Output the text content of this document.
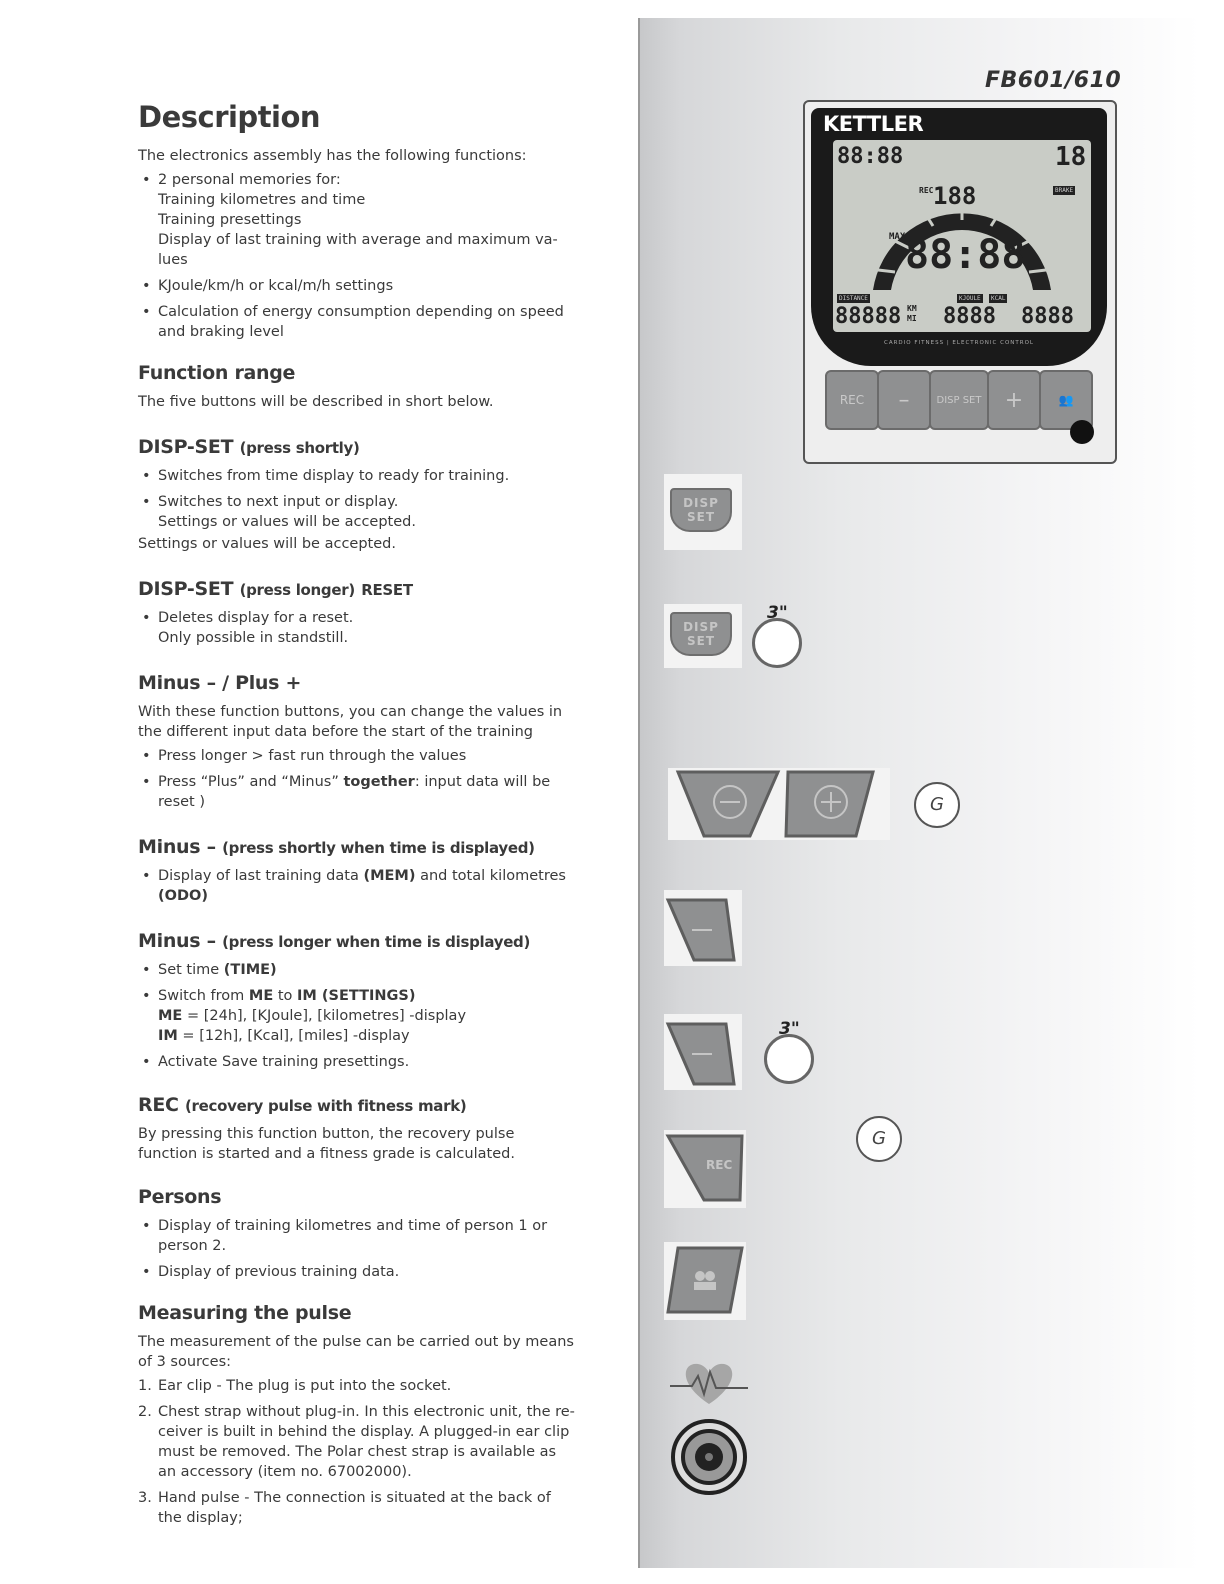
FB601/610
Description

The electronics assembly has the following functions:

• 2 personal memories for:
Training kilometres and time
Training presettings
Display of last training with average and maximum va-lues
• KJoule/km/h or kcal/m/h settings
• Calculation of energy consumption depending on speed and braking level
Function range

The five buttons will be described in short below.

DISP-SET (press shortly)
• Switches from time display to ready for training.
• Switches to next input or display.
Settings or values will be accepted.

Settings or values will be accepted.

DISP-SET (press longer) RESET
• Deletes display for a reset.
Only possible in standstill.
Minus – / Plus +

With these function buttons, you can change the values in the different input data before the start of the training

• Press longer > fast run through the values
• Press “Plus” and “Minus” together: input data will be reset )
Minus – (press shortly when time is displayed)
• Display of last training data (MEM) and total kilometres (ODO)
Minus – (press longer when time is displayed)
• Set time (TIME)
• Switch from ME to IM (SETTINGS)
ME = [24h], [KJoule], [kilometres] -display
IM = [12h], [Kcal], [miles] -display
• Activate Save training presettings.
REC (recovery pulse with fitness mark)

By pressing this function button, the recovery pulse function is started and a fitness grade is calculated.

Persons
• Display of training kilometres and time of person 1 or person 2.
• Display of previous training data.
Measuring the pulse

The measurement of the pulse can be carried out by means of 3 sources:

1. Ear clip - The plug is put into the socket.
2. Chest strap without plug-in. In this electronic unit, the re-ceiver is built in behind the display. A plugged-in ear clip must be removed. The Polar chest strap is available as an accessory (item no. 67002000).
3. Hand pulse - The connection is situated at the back of the display;
KETTLER
88:88	18
188
REC
MAX 88:88
DISTANCE	KJOULE	KCAL
BRAKE
88888 KM
MI 8888 8888
CARDIO FITNESS | ELECTRONIC CONTROL
REC	–	DISP SET	+	👥
DISP SET
DISP SET
3"
G
3"
REC
G
